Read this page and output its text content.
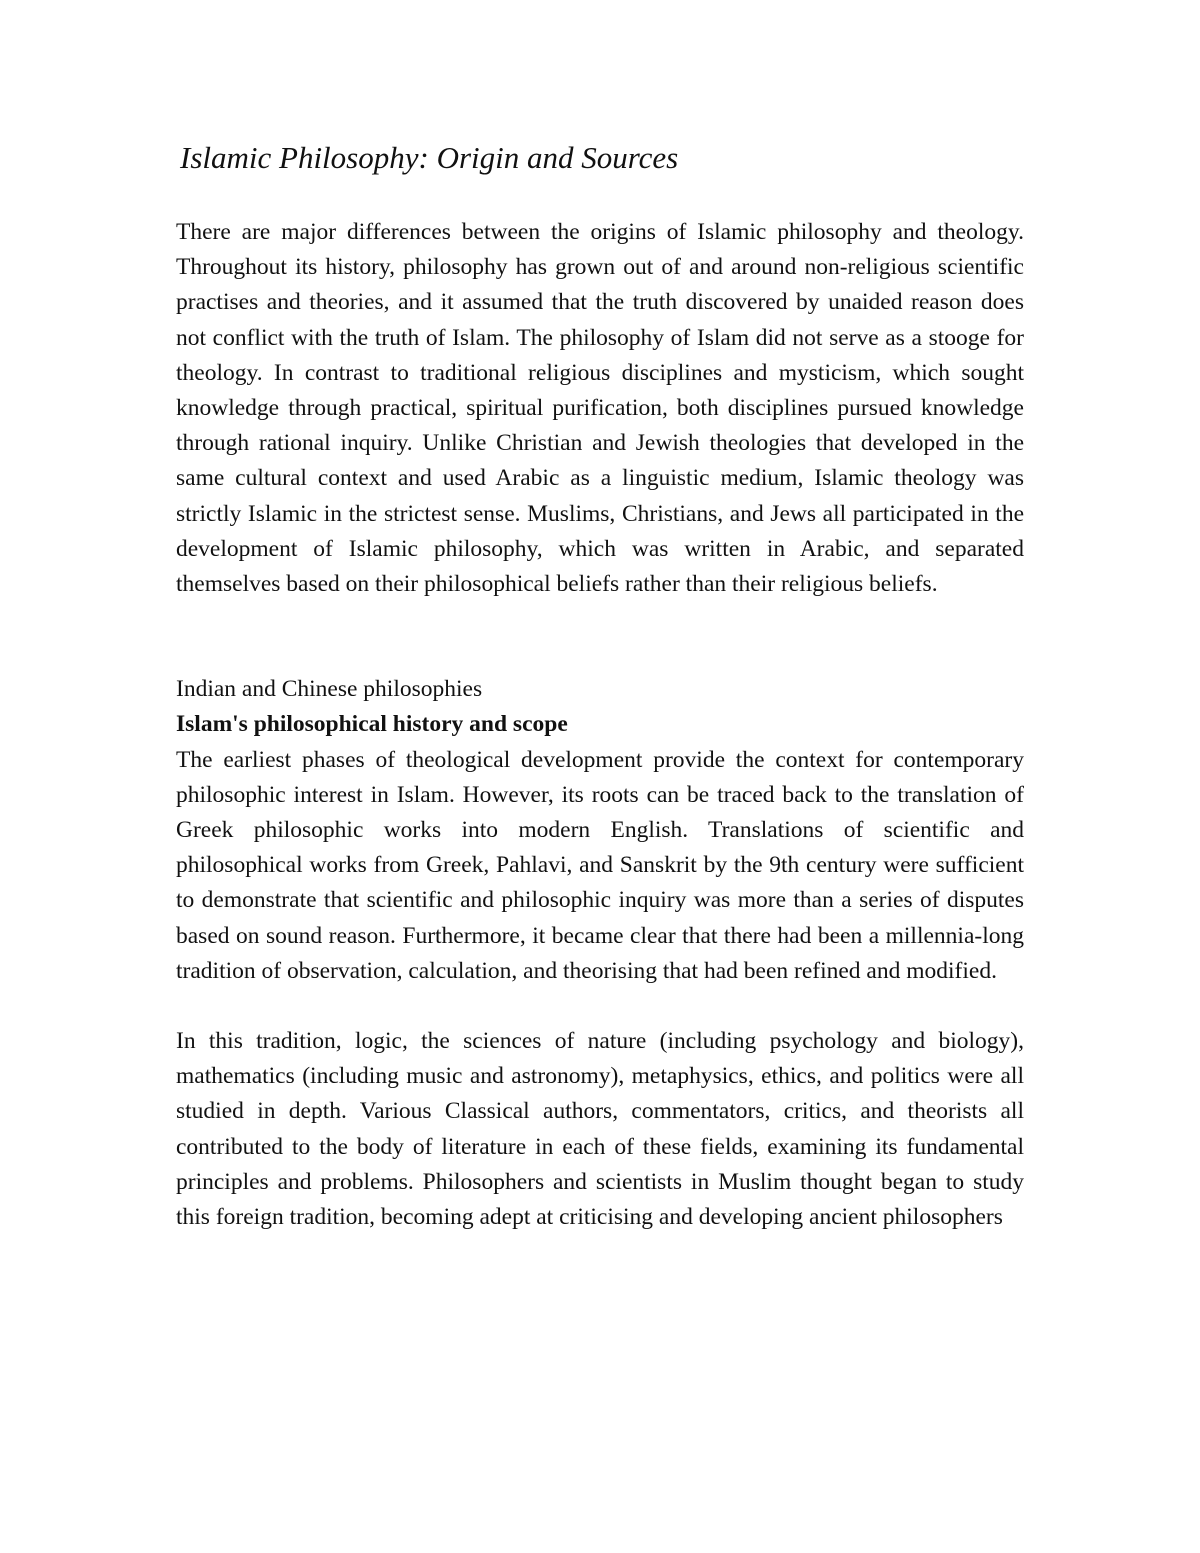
Islamic Philosophy: Origin and Sources

There are major differences between the origins of Islamic philosophy and theology. Throughout its history, philosophy has grown out of and around non-religious scientific practises and theories, and it assumed that the truth discovered by unaided reason does not conflict with the truth of Islam. The philosophy of Islam did not serve as a stooge for theology. In contrast to traditional religious disciplines and mysticism, which sought knowledge through practical, spiritual purification, both disciplines pursued knowledge through rational inquiry. Unlike Christian and Jewish theologies that developed in the same cultural context and used Arabic as a linguistic medium, Islamic theology was strictly Islamic in the strictest sense. Muslims, Christians, and Jews all participated in the development of Islamic philosophy, which was written in Arabic, and separated themselves based on their philosophical beliefs rather than their religious beliefs.

Indian and Chinese philosophies

Islam's philosophical history and scope

The earliest phases of theological development provide the context for contemporary philosophic interest in Islam. However, its roots can be traced back to the translation of Greek philosophic works into modern English. Translations of scientific and philosophical works from Greek, Pahlavi, and Sanskrit by the 9th century were sufficient to demonstrate that scientific and philosophic inquiry was more than a series of disputes based on sound reason. Furthermore, it became clear that there had been a millennia-long tradition of observation, calculation, and theorising that had been refined and modified.

In this tradition, logic, the sciences of nature (including psychology and biology), mathematics (including music and astronomy), metaphysics, ethics, and politics were all studied in depth. Various Classical authors, commentators, critics, and theorists all contributed to the body of literature in each of these fields, examining its fundamental principles and problems. Philosophers and scientists in Muslim thought began to study this foreign tradition, becoming adept at criticising and developing ancient philosophers
